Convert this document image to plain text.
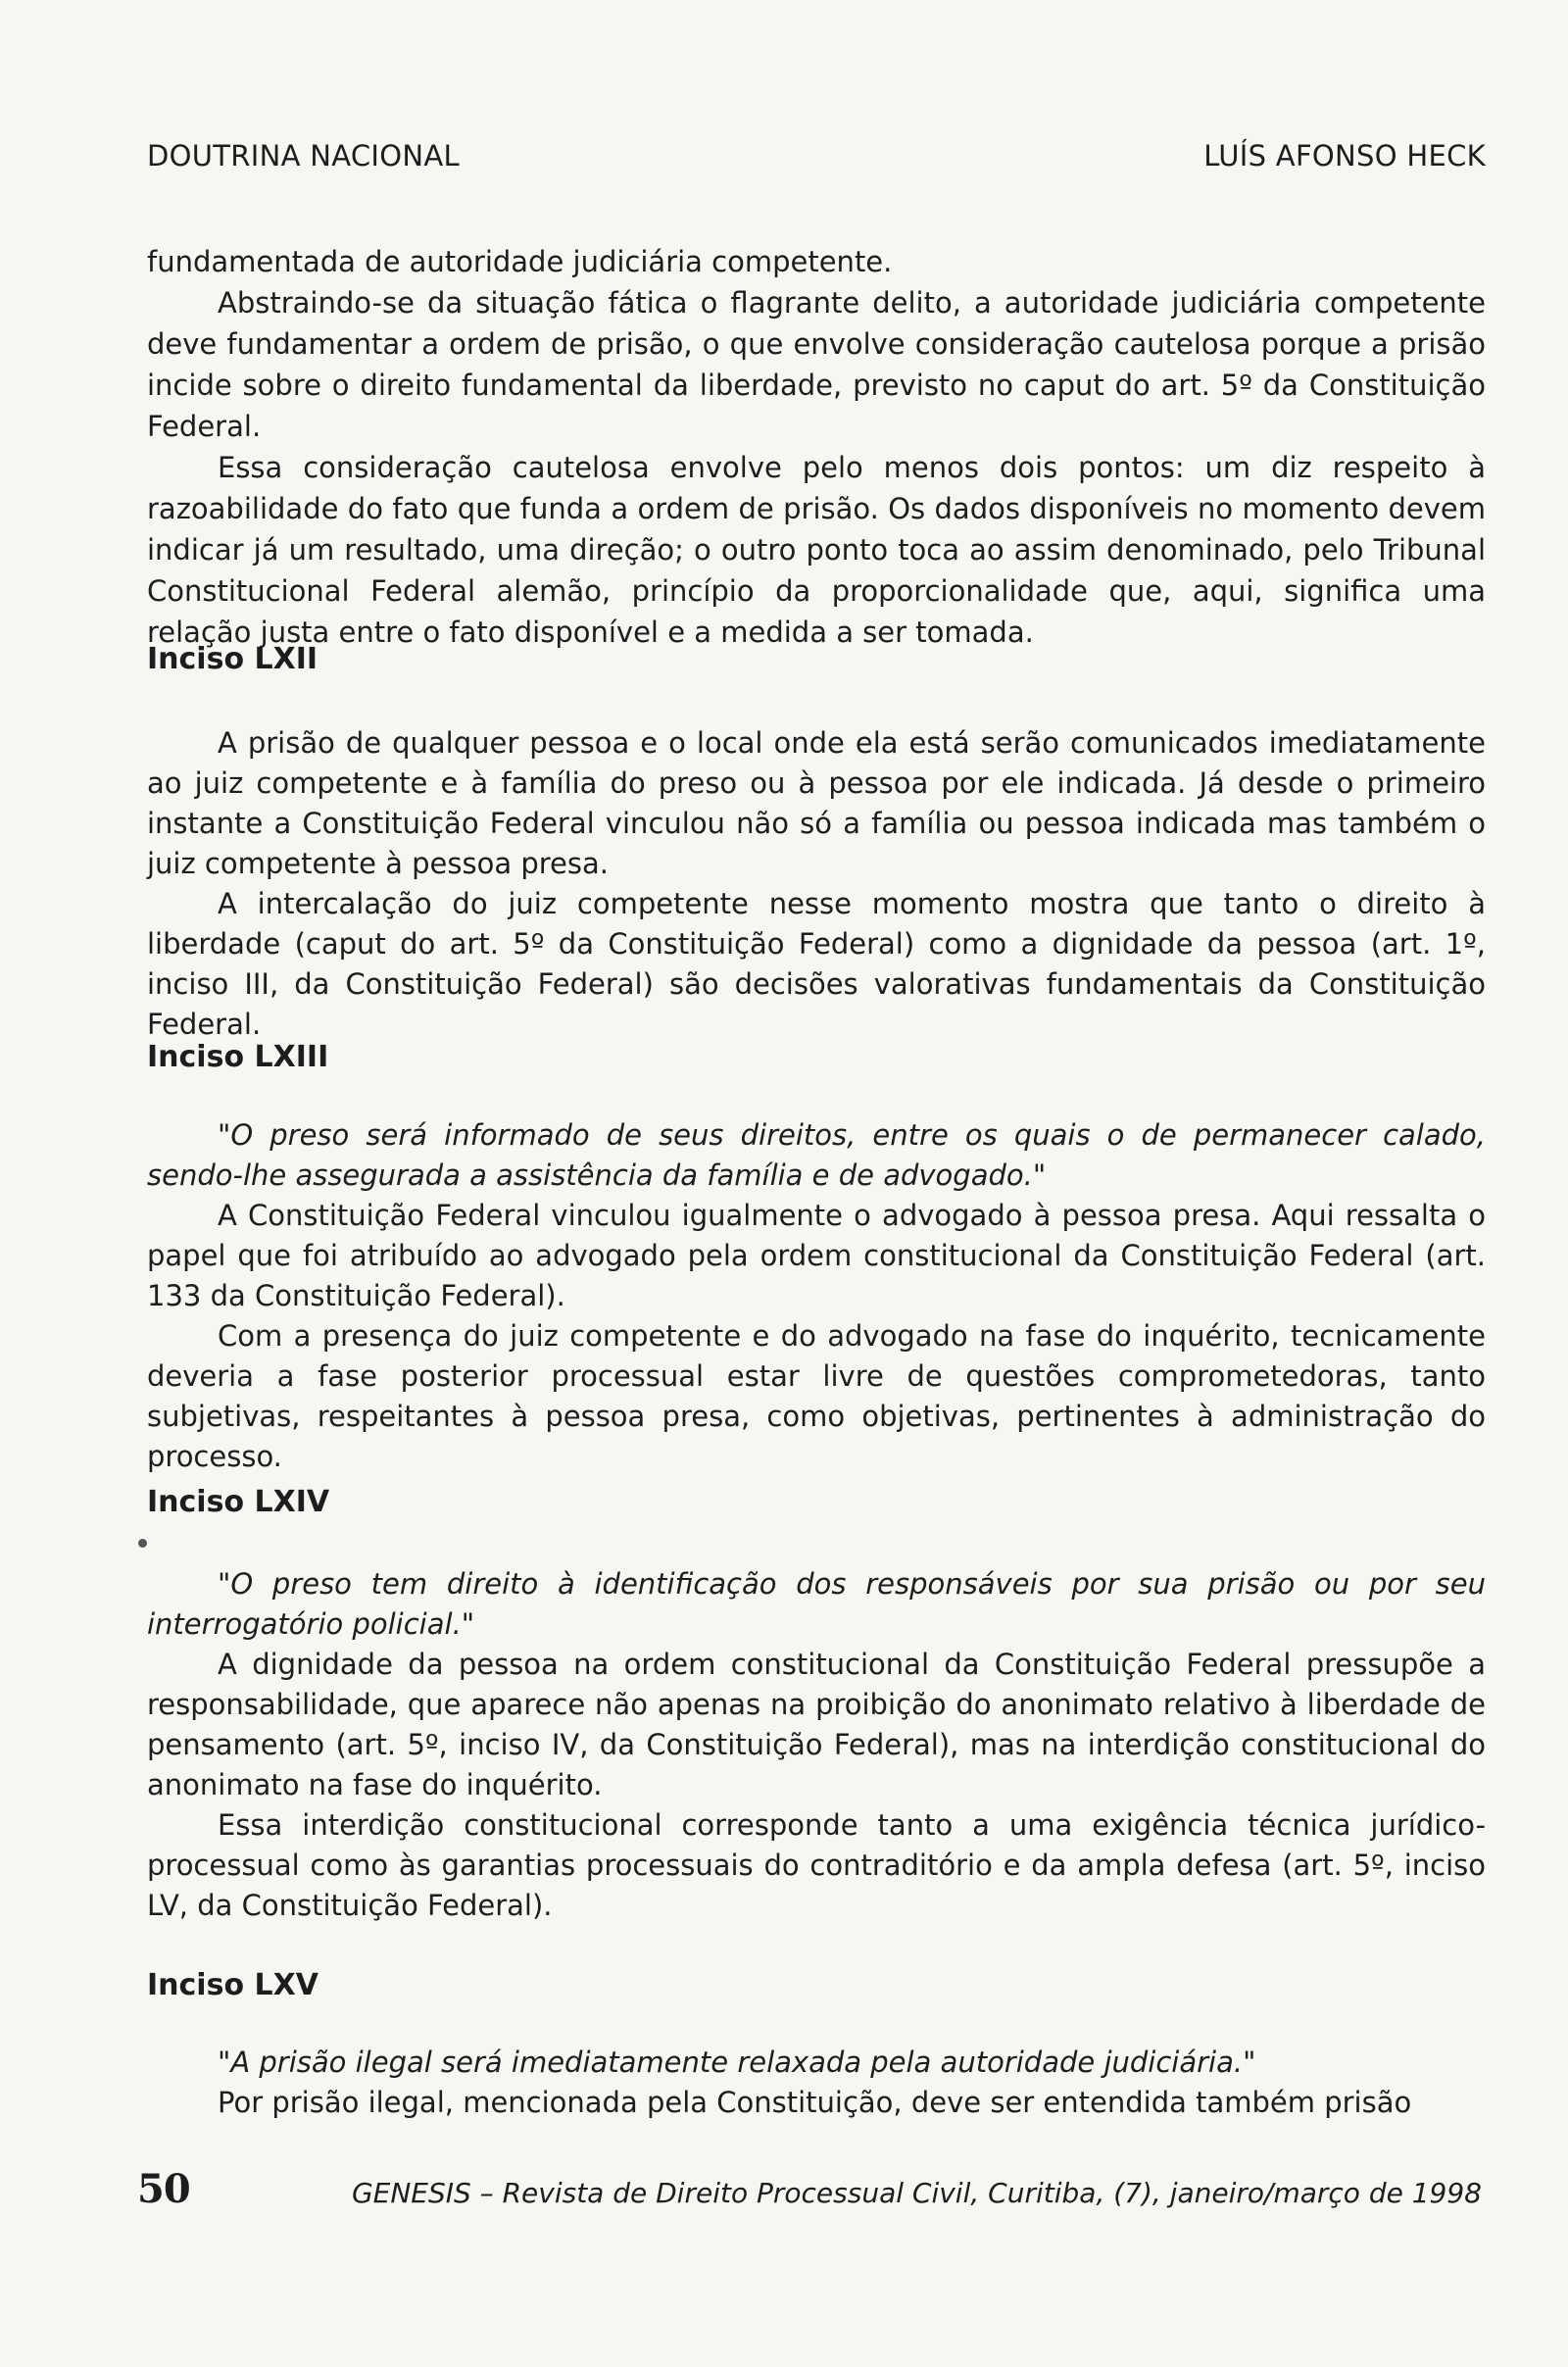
DOUTRINA NACIONAL	LUÍS AFONSO HECK

fundamentada de autoridade judiciária competente.

Abstraindo-se da situação fática o flagrante delito, a autoridade judiciária competente deve fundamentar a ordem de prisão, o que envolve consideração cautelosa porque a prisão incide sobre o direito fundamental da liberdade, previsto no caput do art. 5º da Constituição Federal.

Essa consideração cautelosa envolve pelo menos dois pontos: um diz respeito à razoabilidade do fato que funda a ordem de prisão. Os dados disponíveis no momento devem indicar já um resultado, uma direção; o outro ponto toca ao assim denominado, pelo Tribunal Constitucional Federal alemão, princípio da proporcionalidade que, aqui, significa uma relação justa entre o fato disponível e a medida a ser tomada.

Inciso LXII

A prisão de qualquer pessoa e o local onde ela está serão comunicados imediatamente ao juiz competente e à família do preso ou à pessoa por ele indicada. Já desde o primeiro instante a Constituição Federal vinculou não só a família ou pessoa indicada mas também o juiz competente à pessoa presa.

A intercalação do juiz competente nesse momento mostra que tanto o direito à liberdade (caput do art. 5º da Constituição Federal) como a dignidade da pessoa (art. 1º, inciso III, da Constituição Federal) são decisões valorativas fundamentais da Constituição Federal.

Inciso LXIII

"O preso será informado de seus direitos, entre os quais o de permanecer calado, sendo-lhe assegurada a assistência da família e de advogado."

A Constituição Federal vinculou igualmente o advogado à pessoa presa. Aqui ressalta o papel que foi atribuído ao advogado pela ordem constitucional da Constituição Federal (art. 133 da Constituição Federal).

Com a presença do juiz competente e do advogado na fase do inquérito, tecnicamente deveria a fase posterior processual estar livre de questões comprometedoras, tanto subjetivas, respeitantes à pessoa presa, como objetivas, pertinentes à administração do processo.

Inciso LXIV

"O preso tem direito à identificação dos responsáveis por sua prisão ou por seu interrogatório policial."

A dignidade da pessoa na ordem constitucional da Constituição Federal pressupõe a responsabilidade, que aparece não apenas na proibição do anonimato relativo à liberdade de pensamento (art. 5º, inciso IV, da Constituição Federal), mas na interdição constitucional do anonimato na fase do inquérito.

Essa interdição constitucional corresponde tanto a uma exigência técnica jurídico-processual como às garantias processuais do contraditório e da ampla defesa (art. 5º, inciso LV, da Constituição Federal).

Inciso LXV

"A prisão ilegal será imediatamente relaxada pela autoridade judiciária."

Por prisão ilegal, mencionada pela Constituição, deve ser entendida também prisão

50	GENESIS – Revista de Direito Processual Civil, Curitiba, (7), janeiro/março de 1998
